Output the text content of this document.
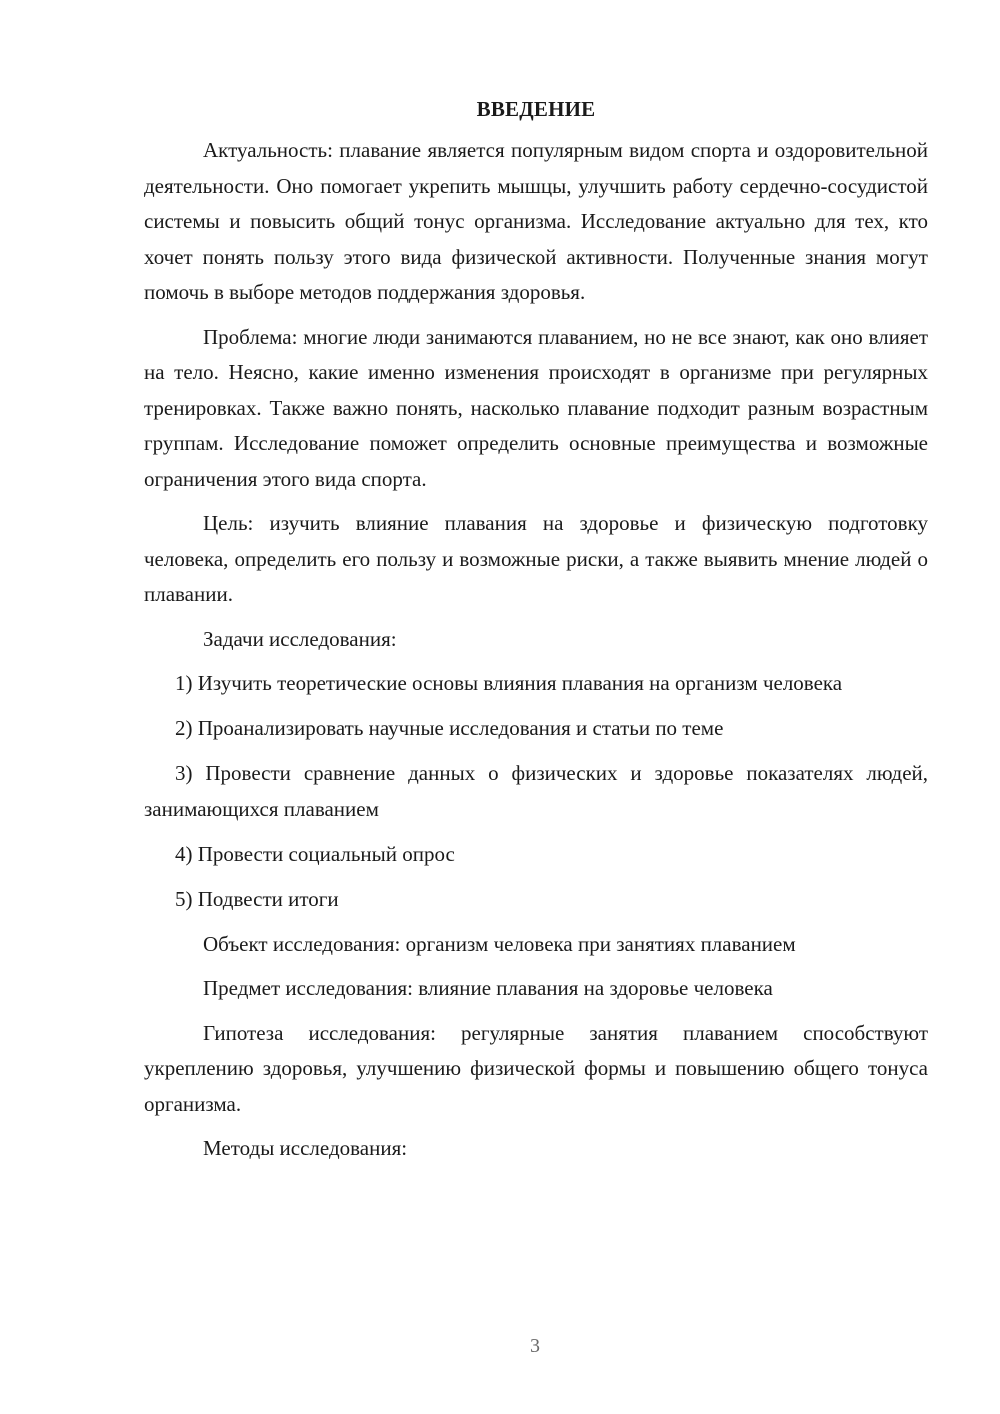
ВВЕДЕНИЕ

Актуальность: плавание является популярным видом спорта и оздоровительной деятельности. Оно помогает укрепить мышцы, улучшить работу сердечно-сосудистой системы и повысить общий тонус организма. Исследование актуально для тех, кто хочет понять пользу этого вида физической активности. Полученные знания могут помочь в выборе методов поддержания здоровья.

Проблема: многие люди занимаются плаванием, но не все знают, как оно влияет на тело. Неясно, какие именно изменения происходят в организме при регулярных тренировках. Также важно понять, насколько плавание подходит разным возрастным группам. Исследование поможет определить основные преимущества и возможные ограничения этого вида спорта.

Цель: изучить влияние плавания на здоровье и физическую подготовку человека, определить его пользу и возможные риски, а также выявить мнение людей о плавании.

Задачи исследования:

1) Изучить теоретические основы влияния плавания на организм человека

2) Проанализировать научные исследования и статьи по теме

3) Провести сравнение данных о физических и здоровье показателях людей, занимающихся плаванием

4) Провести социальный опрос

5) Подвести итоги

Объект исследования: организм человека при занятиях плаванием

Предмет исследования: влияние плавания на здоровье человека

Гипотеза исследования: регулярные занятия плаванием способствуют укреплению здоровья, улучшению физической формы и повышению общего тонуса организма.

Методы исследования:

3
